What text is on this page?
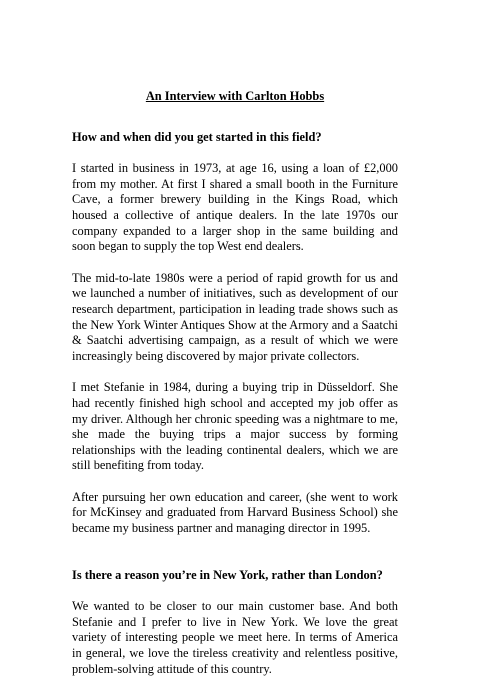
An Interview with Carlton Hobbs
How and when did you get started in this field?

I started in business in 1973, at age 16, using a loan of £2,000 from my mother. At first I shared a small booth in the Furniture Cave, a former brewery building in the Kings Road, which housed a collective of antique dealers. In the late 1970s our company expanded to a larger shop in the same building and soon began to supply the top West end dealers.

The mid-to-late 1980s were a period of rapid growth for us and we launched a number of initiatives, such as development of our research department, participation in leading trade shows such as the New York Winter Antiques Show at the Armory and a Saatchi & Saatchi advertising campaign, as a result of which we were increasingly being discovered by major private collectors.

I met Stefanie in 1984, during a buying trip in Düsseldorf. She had recently finished high school and accepted my job offer as my driver. Although her chronic speeding was a nightmare to me, she made the buying trips a major success by forming relationships with the leading continental dealers, which we are still benefiting from today.

After pursuing her own education and career, (she went to work for McKinsey and graduated from Harvard Business School) she became my business partner and managing director in 1995.

Is there a reason you’re in New York, rather than London?

We wanted to be closer to our main customer base. And both Stefanie and I prefer to live in New York. We love the great variety of interesting people we meet here. In terms of America in general, we love the tireless creativity and relentless positive, problem-solving attitude of this country.
